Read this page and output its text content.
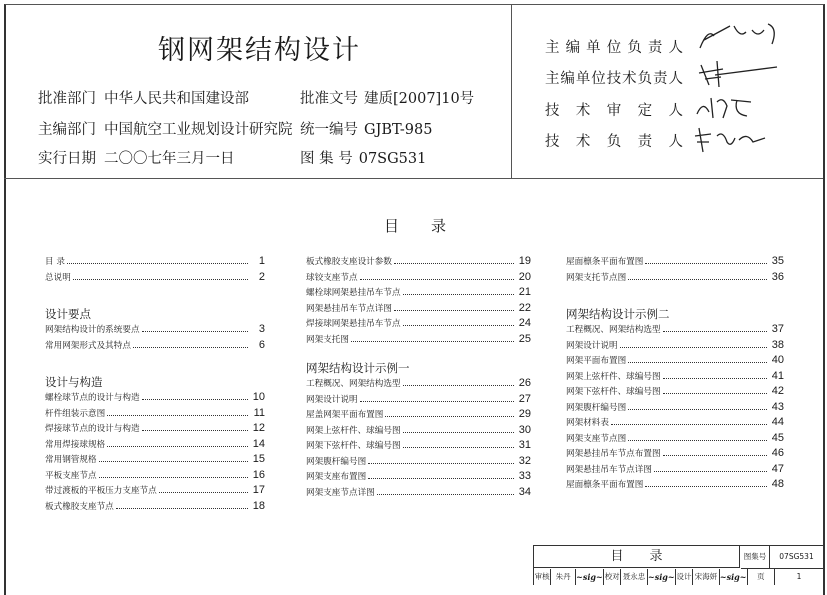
钢网架结构设计
批准部门 中华人民共和国建设部
主编部门 中国航空工业规划设计研究院
实行日期 二〇〇七年三月一日
批准文号 建质[2007]10号
统一编号 GJBT-985
图 集 号 07SG531
主编单位负责人
主编单位技术负责人
技术审定人
技术负责人
目录
目 录	1
总说明	2
设计要点
网架结构设计的系统要点	3
常用网架形式及其特点	6
设计与构造
螺栓球节点的设计与构造	10
杆件组装示意图	11
焊接球节点的设计与构造	12
常用焊接球规格	14
常用钢管规格	15
平板支座节点	16
带过渡板的平板压力支座节点	17
板式橡胶支座节点	18
板式橡胶支座设计参数	19
球铰支座节点	20
螺栓球网架悬挂吊车节点	21
网架悬挂吊车节点详图	22
焊接球网架悬挂吊车节点	24
网架支托图	25
网架结构设计示例一
工程概况、网架结构选型	26
网架设计说明	27
屋盖网架平面布置图	29
网架上弦杆件、球编号图	30
网架下弦杆件、球编号图	31
网架腹杆编号图	32
网架支座布置图	33
网架支座节点详图	34
屋面檩条平面布置图	35
网架支托节点图	36
网架结构设计示例二
工程概况、网架结构选型	37
网架设计说明	38
网架平面布置图	40
网架上弦杆件、球编号图	41
网架下弦杆件、球编号图	42
网架腹杆编号图	43
网架材料表	44
网架支座节点图	45
网架悬挂吊车节点布置图	46
网架悬挂吊车节点详图	47
屋面檩条平面布置图	48
目录	图集号	07SG531
审核 朱丹 ~sig~ 校对 聂永忠 ~sig~ 设计 宋海妍 ~sig~	页	1
